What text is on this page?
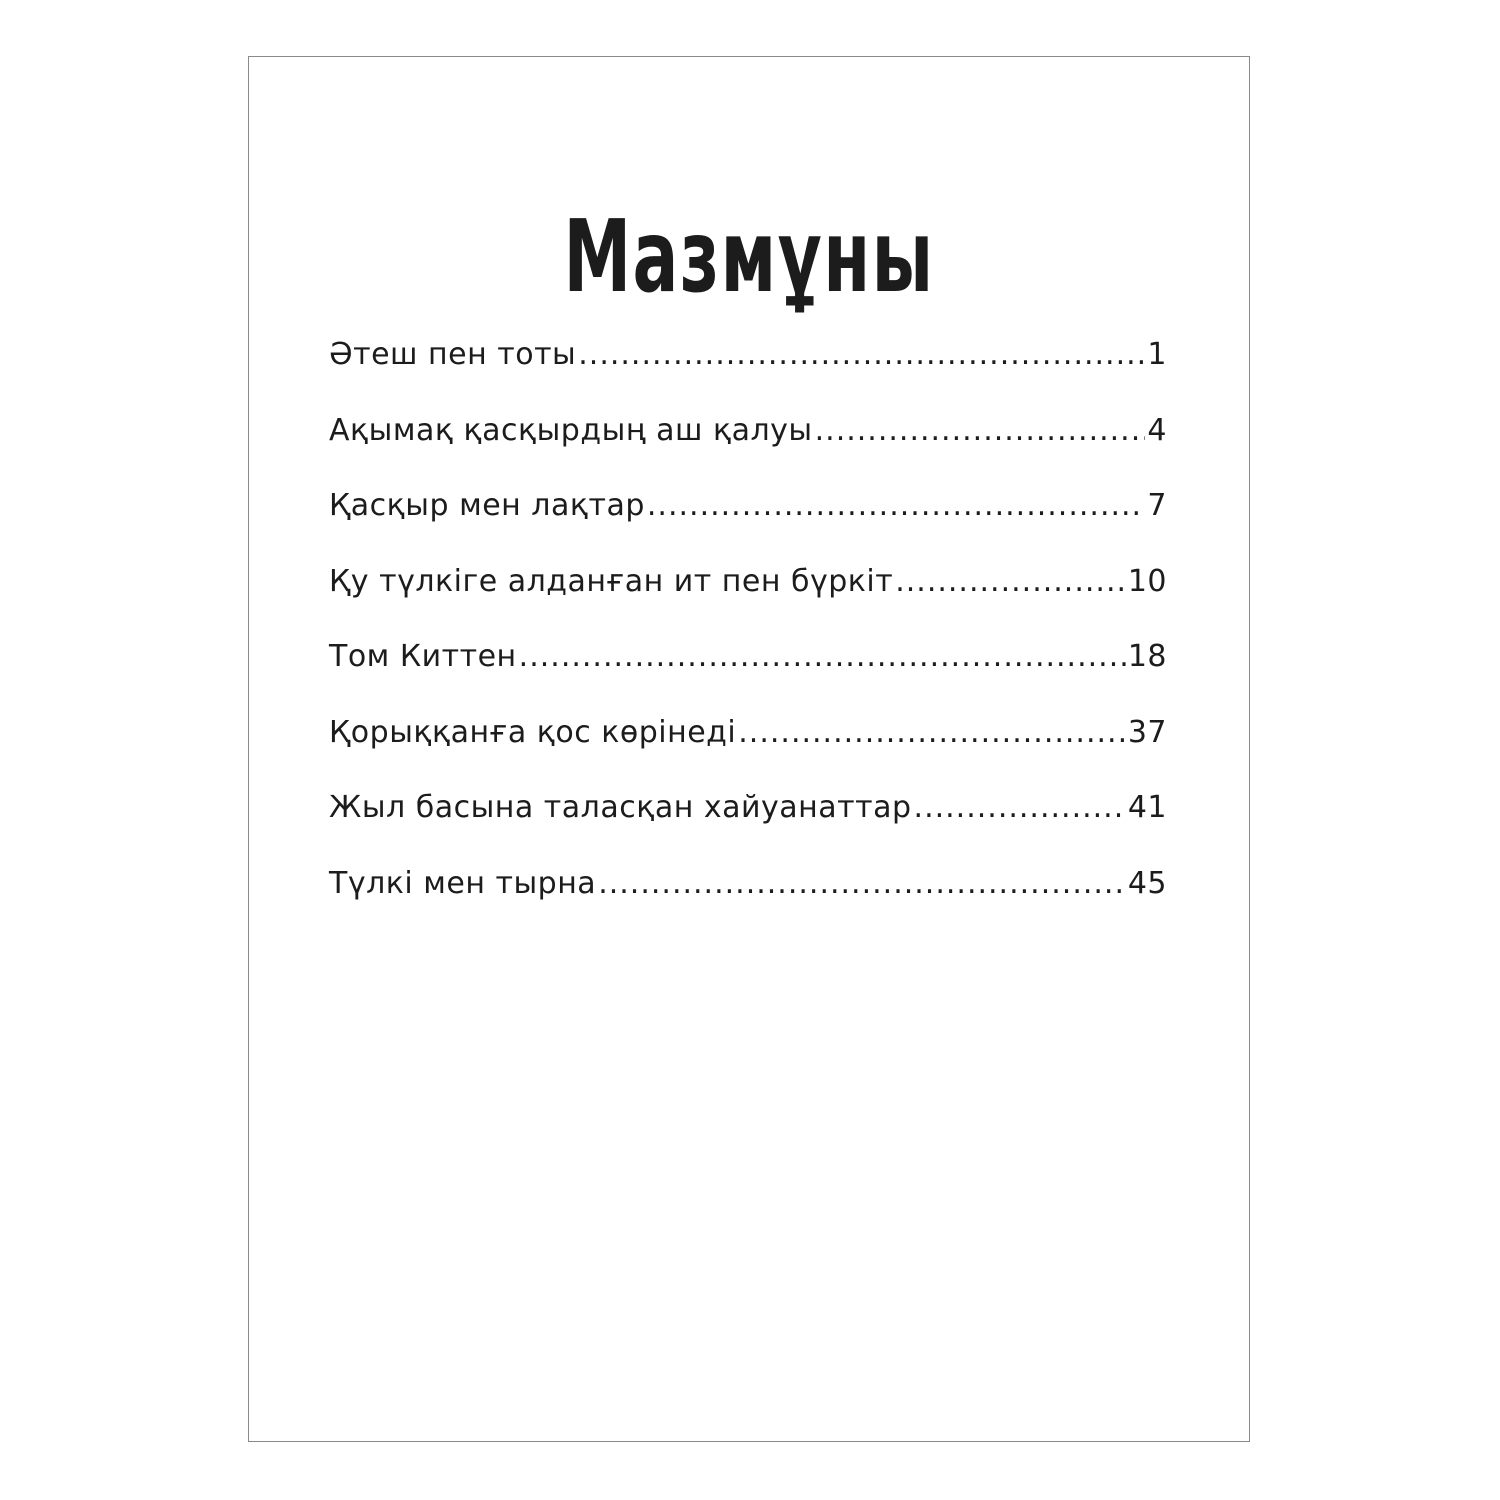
Мазмұны
Әтеш пен тоты .....	1
Ақымақ қасқырдың аш қалуы .....	4
Қасқыр мен лақтар .....	7
Қу түлкіге алданған ит пен бүркіт .....	10
Том Киттен .....	18
Қорыққанға қос көрінеді .....	37
Жыл басына таласқан хайуанаттар .....	41
Түлкі мен тырна .....	45
